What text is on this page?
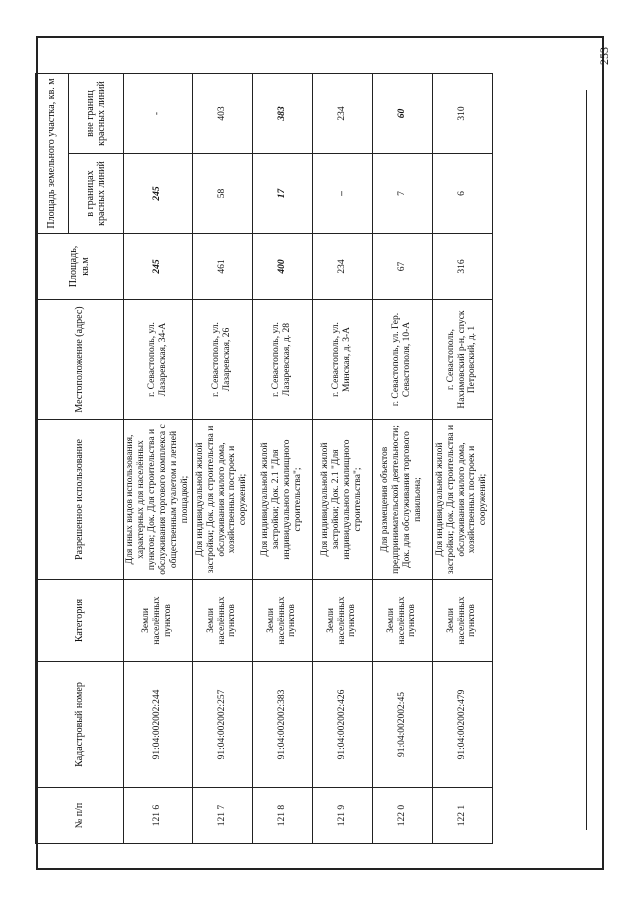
253
№ п/п	Кадастровый номер	Категория	Разрешенное использование	Местоположение (адрес)	Площадь, кв.м	Площадь земельного участка, кв. м	
						в границах красных линий	вне границ красных линий
121 6	91:04:002002:244	Земли населённых пунктов	Для иных видов использования, характерных для населённых пунктов; Док. Для строительства и обслуживания торгового комплекса с общественным туалетом и летней площадкой;	г. Севастополь, ул. Лазаревская, 34-А	245	245	-
121 7	91:04:002002:257	Земли населённых пунктов	Для индивидуальной жилой застройки; Док. для строительства и обслуживания жилого дома, хозяйственных построек и сооружений;	г. Севастополь, ул. Лазаревская, 26	461	58	403
121 8	91:04:002002:383	Земли населённых пунктов	Для индивидуальной жилой застройки; Док. 2.1 "Для индивидуального жилищного строительства";	г. Севастополь, ул. Лазаревская, д. 28	400	17	383
121 9	91:04:002002:426	Земли населённых пунктов	Для индивидуальной жилой застройки; Док. 2.1 "Для индивидуального жилищного строительства";	г. Севастополь, ул. Минская, д. 3-А	234	–	234
122 0	91:04:002002:45	Земли населённых пунктов	Для размещения объектов предпринимательской деятельности; Док. для обслуживания торгового павильона;	г. Севастополь, ул. Гер. Севастополя, 10-А	67	7	60
122 1	91:04:002002:479	Земли населённых пунктов	Для индивидуальной жилой застройки; Док. Для строительства и обслуживания жилого дома, хозяйственных построек и сооружений;	г. Севастополь, Нахимовский р-н, спуск Петровский, д. 1	316	6	310
